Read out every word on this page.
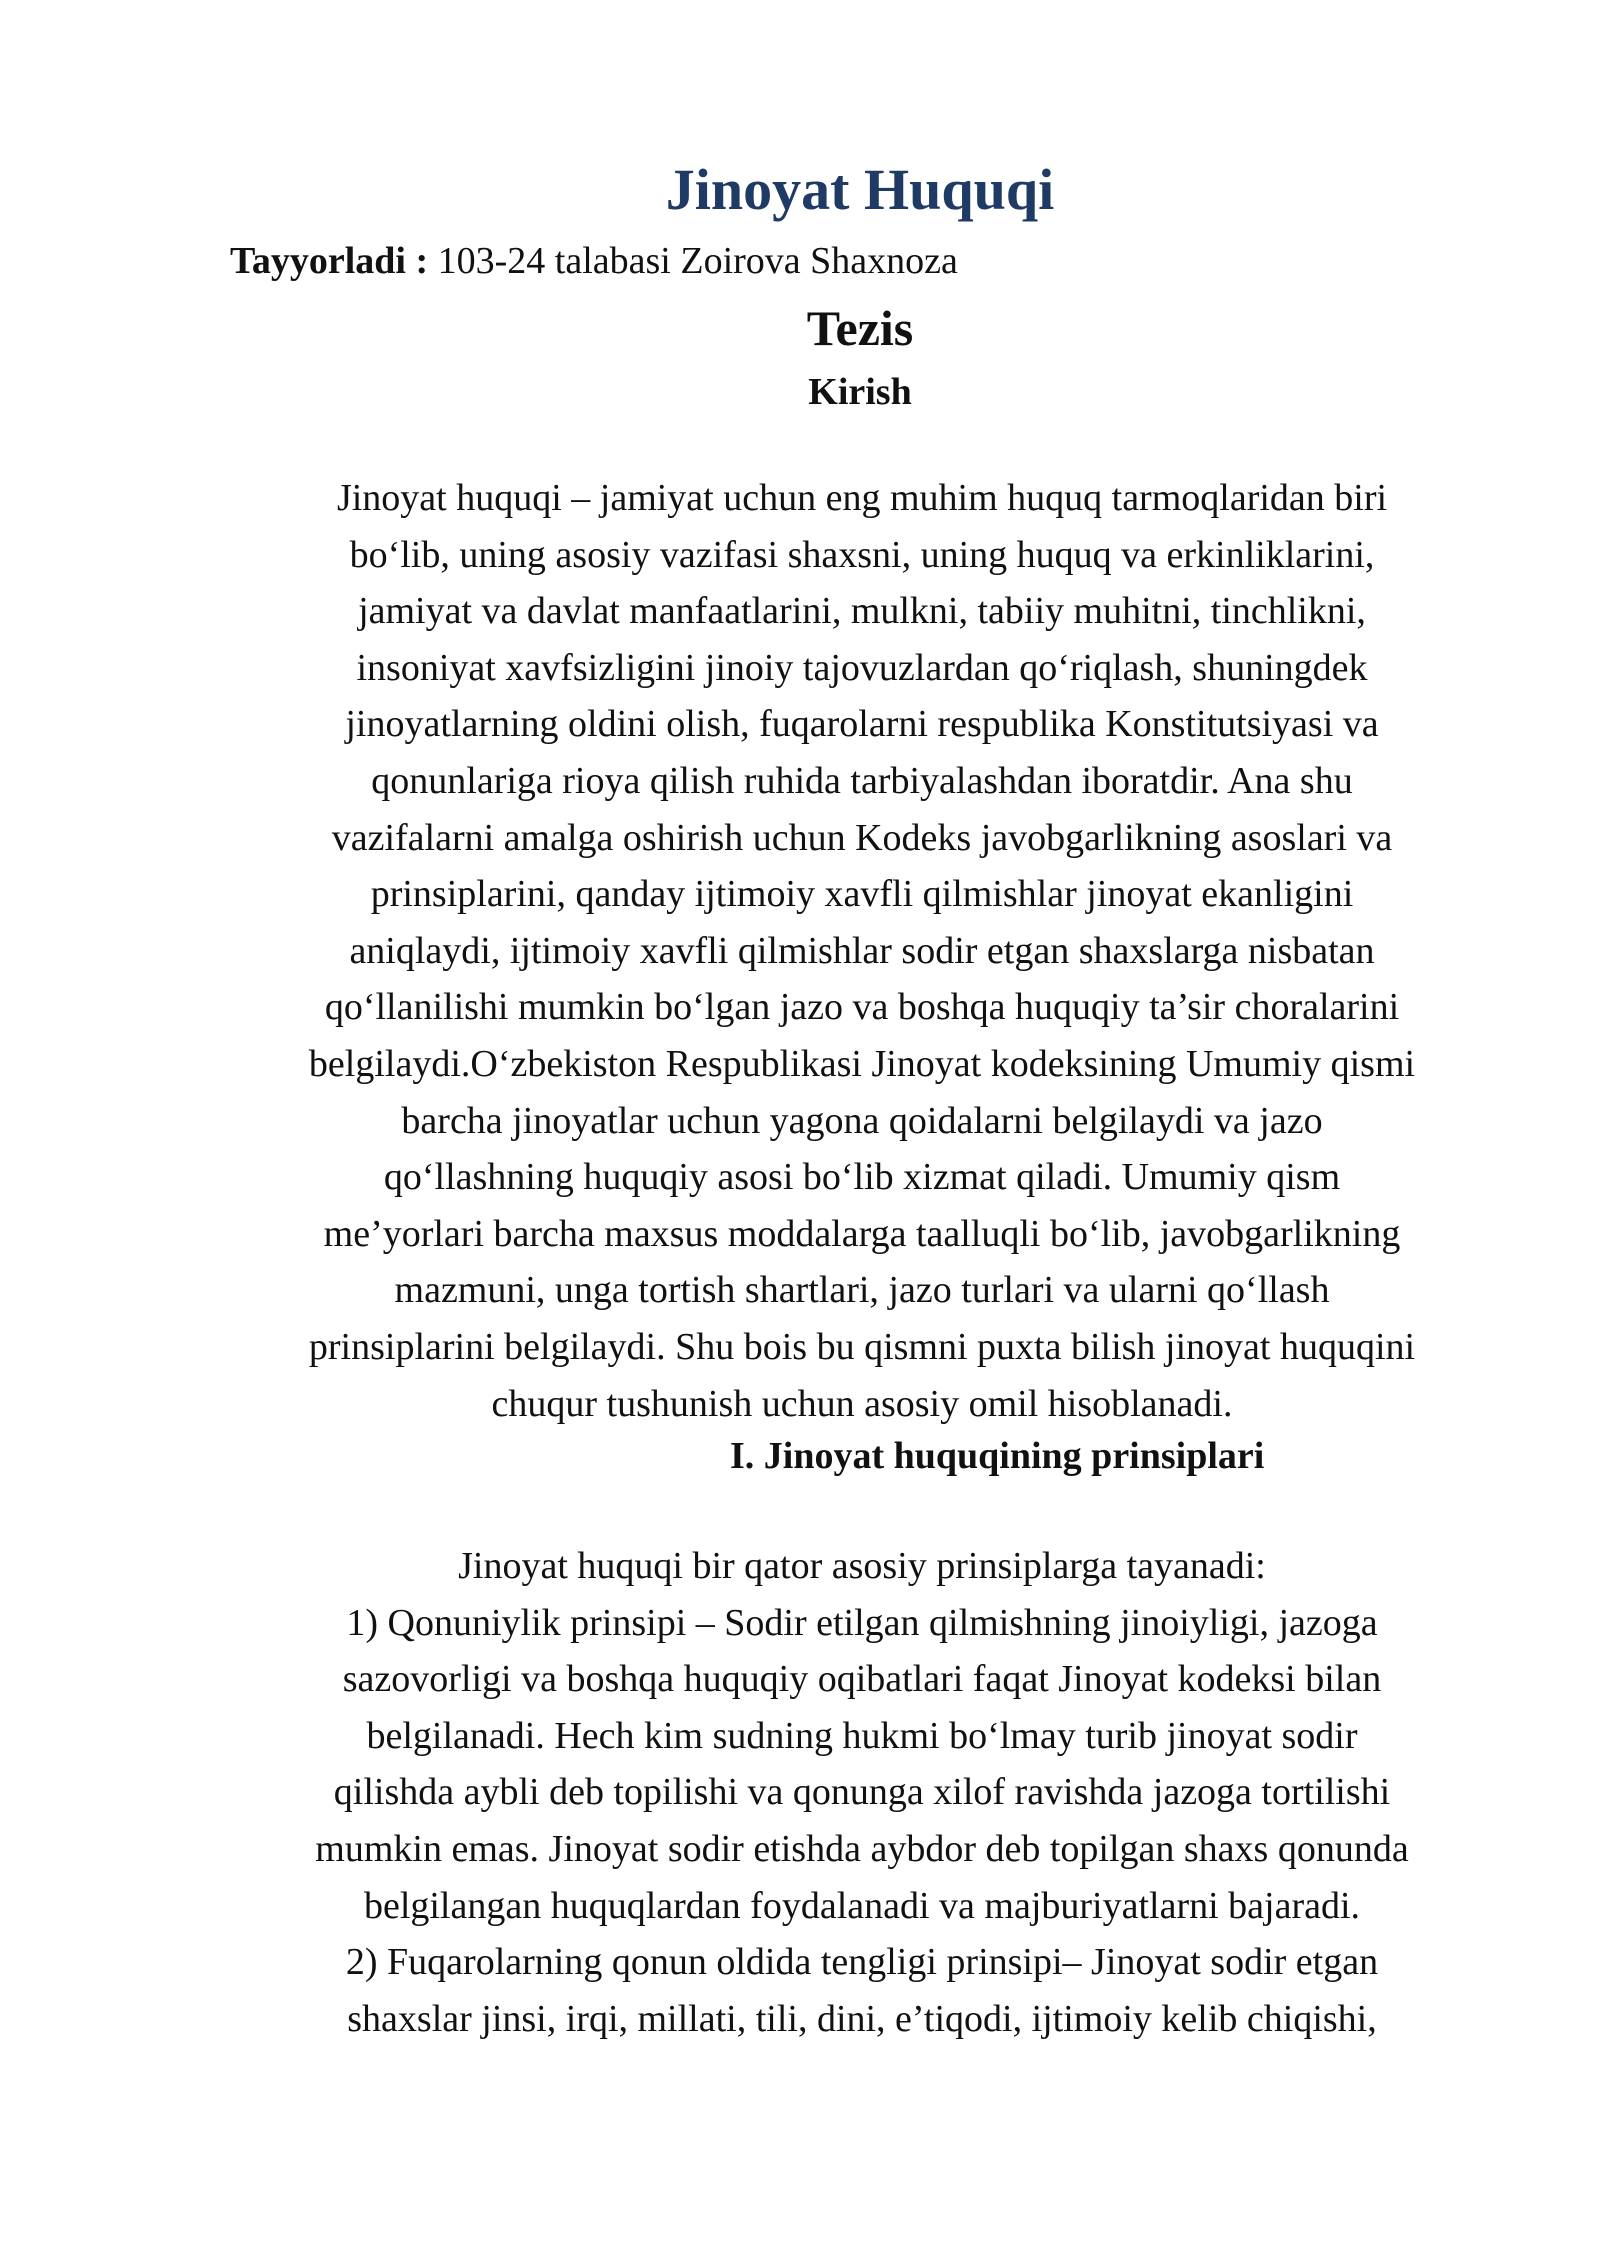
Jinoyat Huquqi

Tayyorladi : 103-24 talabasi Zoirova Shaxnoza

Tezis
Kirish

Jinoyat huquqi – jamiyat uchun eng muhim huquq tarmoqlaridan biri
bo‘lib, uning asosiy vazifasi shaxsni, uning huquq va erkinliklarini,
jamiyat va davlat manfaatlarini, mulkni, tabiiy muhitni, tinchlikni,
insoniyat xavfsizligini jinoiy tajovuzlardan qo‘riqlash, shuningdek
jinoyatlarning oldini olish, fuqarolarni respublika Konstitutsiyasi va
qonunlariga rioya qilish ruhida tarbiyalashdan iboratdir. Ana shu
vazifalarni amalga oshirish uchun Kodeks javobgarlikning asoslari va
prinsiplarini, qanday ijtimoiy xavfli qilmishlar jinoyat ekanligini
aniqlaydi, ijtimoiy xavfli qilmishlar sodir etgan shaxslarga nisbatan
qo‘llanilishi mumkin bo‘lgan jazo va boshqa huquqiy ta’sir choralarini
belgilaydi.O‘zbekiston Respublikasi Jinoyat kodeksining Umumiy qismi
barcha jinoyatlar uchun yagona qoidalarni belgilaydi va jazo
qo‘llashning huquqiy asosi bo‘lib xizmat qiladi. Umumiy qism
me’yorlari barcha maxsus moddalarga taalluqli bo‘lib, javobgarlikning
mazmuni, unga tortish shartlari, jazo turlari va ularni qo‘llash
prinsiplarini belgilaydi. Shu bois bu qismni puxta bilish jinoyat huquqini
chuqur tushunish uchun asosiy omil hisoblanadi.

I. Jinoyat huquqining prinsiplari

Jinoyat huquqi bir qator asosiy prinsiplarga tayanadi:
1) Qonuniylik prinsipi – Sodir etilgan qilmishning jinoiyligi, jazoga
sazovorligi va boshqa huquqiy oqibatlari faqat Jinoyat kodeksi bilan
belgilanadi. Hech kim sudning hukmi bo‘lmay turib jinoyat sodir
qilishda aybli deb topilishi va qonunga xilof ravishda jazoga tortilishi
mumkin emas. Jinoyat sodir etishda aybdor deb topilgan shaxs qonunda
belgilangan huquqlardan foydalanadi va majburiyatlarni bajaradi.
2) Fuqarolarning qonun oldida tengligi prinsipi– Jinoyat sodir etgan
shaxslar jinsi, irqi, millati, tili, dini, e’tiqodi, ijtimoiy kelib chiqishi,
